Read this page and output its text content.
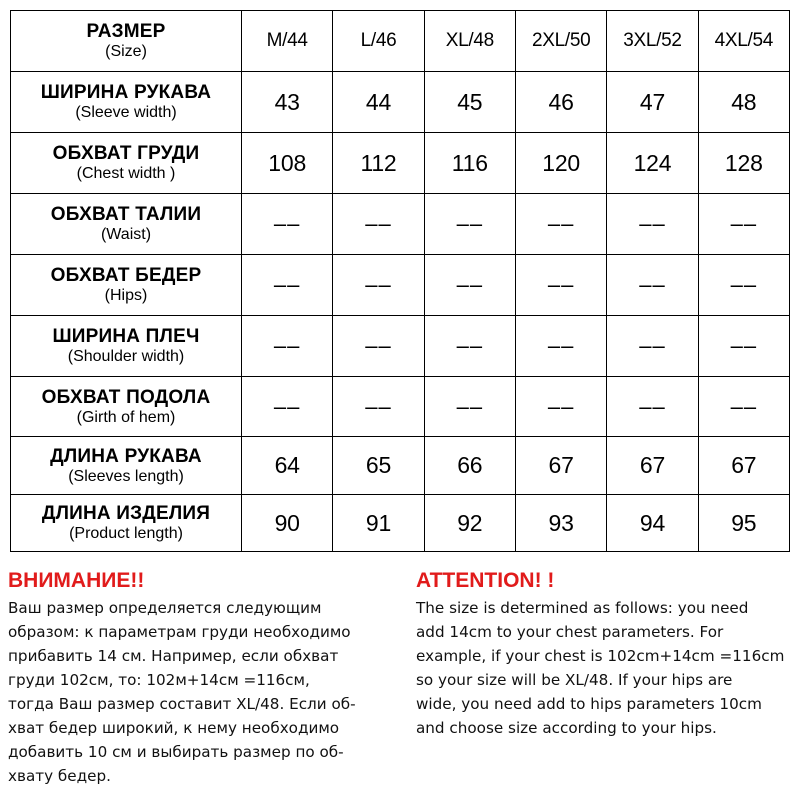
РАЗМЕР
(Size)	M/44	L/46	XL/48	2XL/50	3XL/52	4XL/54

ШИРИНА РУКАВА
(Sleeve width)	43	44	45	46	47	48

ОБХВАТ ГРУДИ
(Chest width )	108	112	116	120	124	128

ОБХВАТ ТАЛИИ
(Waist)	––	––	––	––	––	––

ОБХВАТ БЕДЕР
(Hips)	––	––	––	––	––	––

ШИРИНА ПЛЕЧ
(Shoulder width)	––	––	––	––	––	––

ОБХВАТ ПОДОЛА
(Girth of hem)	––	––	––	––	––	––

ДЛИНА РУКАВА
(Sleeves length)	64	65	66	67	67	67

ДЛИНА ИЗДЕЛИЯ
(Product length)	90	91	92	93	94	95

ВНИМАНИЕ!!

Ваш размер определяется следующим
образом: к параметрам груди необходимо
прибавить 14 см. Например, если обхват
груди 102см, то: 102м+14см =116см,
тогда Ваш размер составит XL/48. Если об-
хват бедер широкий, к нему необходимо
добавить 10 см и выбирать размер по об-
хвату бедер.

ATTENTION! !

The size is determined as follows: you need
add 14cm to your chest parameters. For
example, if your chest is 102cm+14cm =116cm
so your size will be XL/48. If your hips are
wide, you need add to hips parameters 10cm
and choose size according to your hips.
